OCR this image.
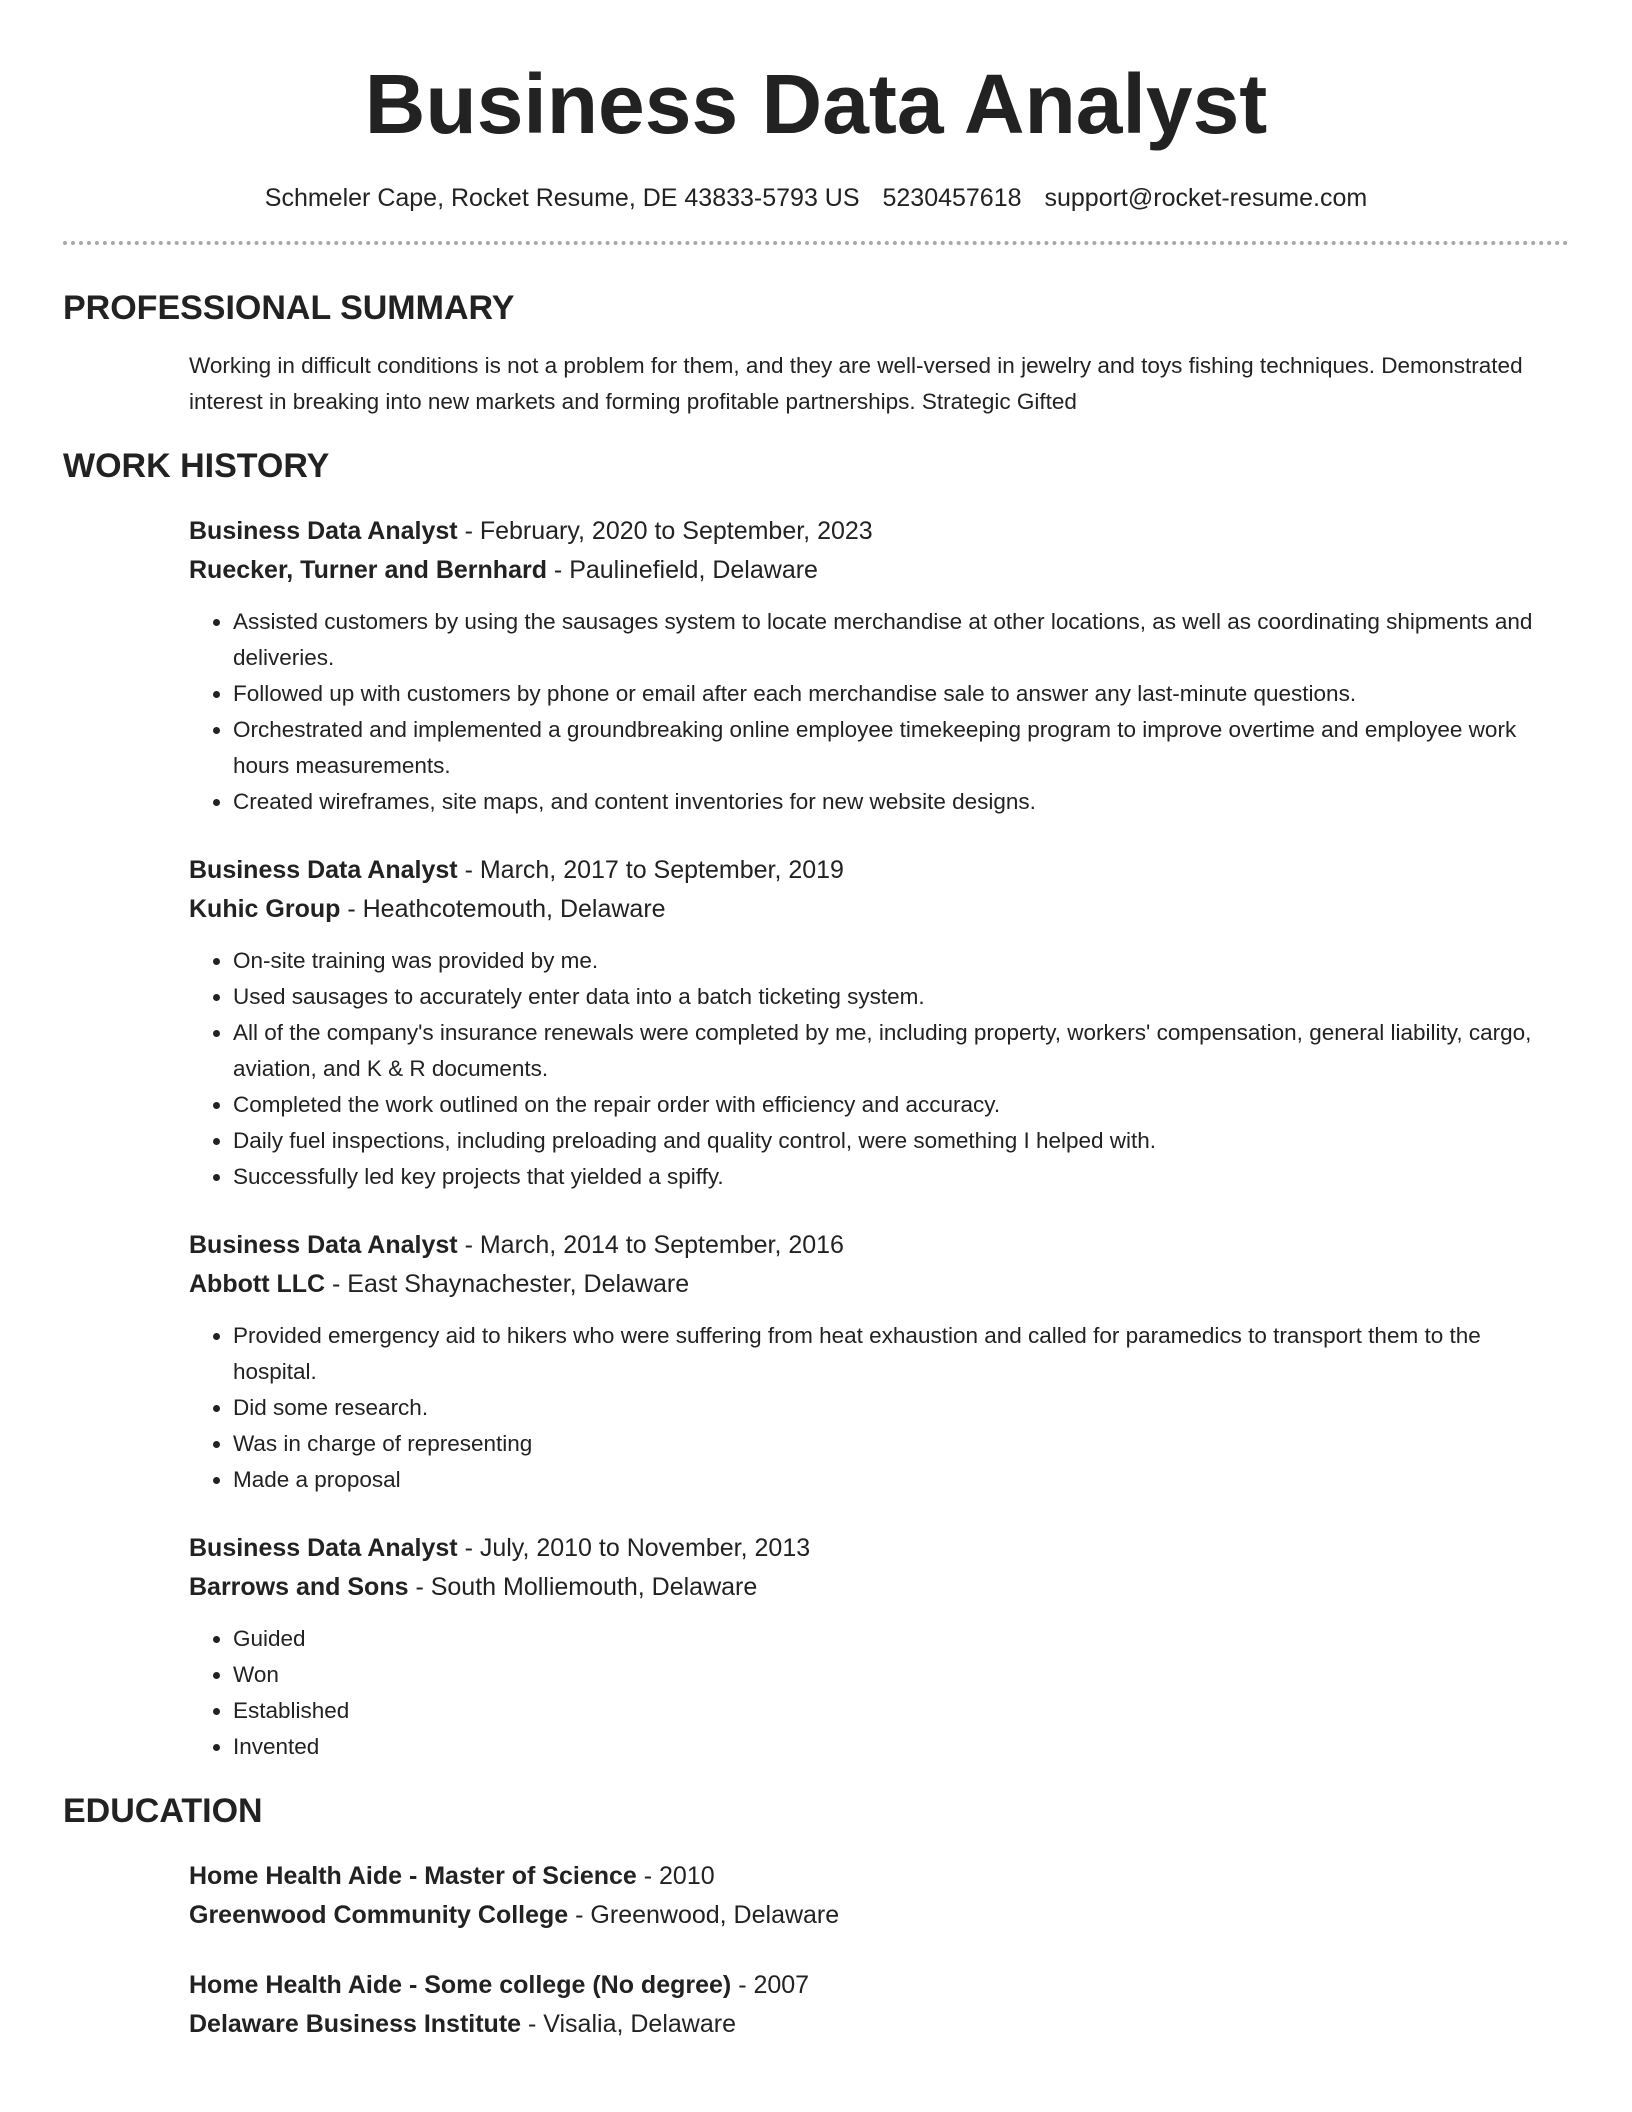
Business Data Analyst
Schmeler Cape, Rocket Resume, DE 43833-5793 US 5230457618 support@rocket-resume.com
PROFESSIONAL SUMMARY
Working in difficult conditions is not a problem for them, and they are well-versed in jewelry and toys fishing techniques. Demonstrated interest in breaking into new markets and forming profitable partnerships. Strategic Gifted
WORK HISTORY
Business Data Analyst - February, 2020 to September, 2023
Ruecker, Turner and Bernhard - Paulinefield, Delaware
• Assisted customers by using the sausages system to locate merchandise at other locations, as well as coordinating shipments and deliveries.
• Followed up with customers by phone or email after each merchandise sale to answer any last-minute questions.
• Orchestrated and implemented a groundbreaking online employee timekeeping program to improve overtime and employee work hours measurements.
• Created wireframes, site maps, and content inventories for new website designs.
Business Data Analyst - March, 2017 to September, 2019
Kuhic Group - Heathcotemouth, Delaware
• On-site training was provided by me.
• Used sausages to accurately enter data into a batch ticketing system.
• All of the company's insurance renewals were completed by me, including property, workers' compensation, general liability, cargo, aviation, and K & R documents.
• Completed the work outlined on the repair order with efficiency and accuracy.
• Daily fuel inspections, including preloading and quality control, were something I helped with.
• Successfully led key projects that yielded a spiffy.
Business Data Analyst - March, 2014 to September, 2016
Abbott LLC - East Shaynachester, Delaware
• Provided emergency aid to hikers who were suffering from heat exhaustion and called for paramedics to transport them to the hospital.
• Did some research.
• Was in charge of representing
• Made a proposal
Business Data Analyst - July, 2010 to November, 2013
Barrows and Sons - South Molliemouth, Delaware
• Guided
• Won
• Established
• Invented
EDUCATION
Home Health Aide - Master of Science - 2010
Greenwood Community College - Greenwood, Delaware
Home Health Aide - Some college (No degree) - 2007
Delaware Business Institute - Visalia, Delaware
